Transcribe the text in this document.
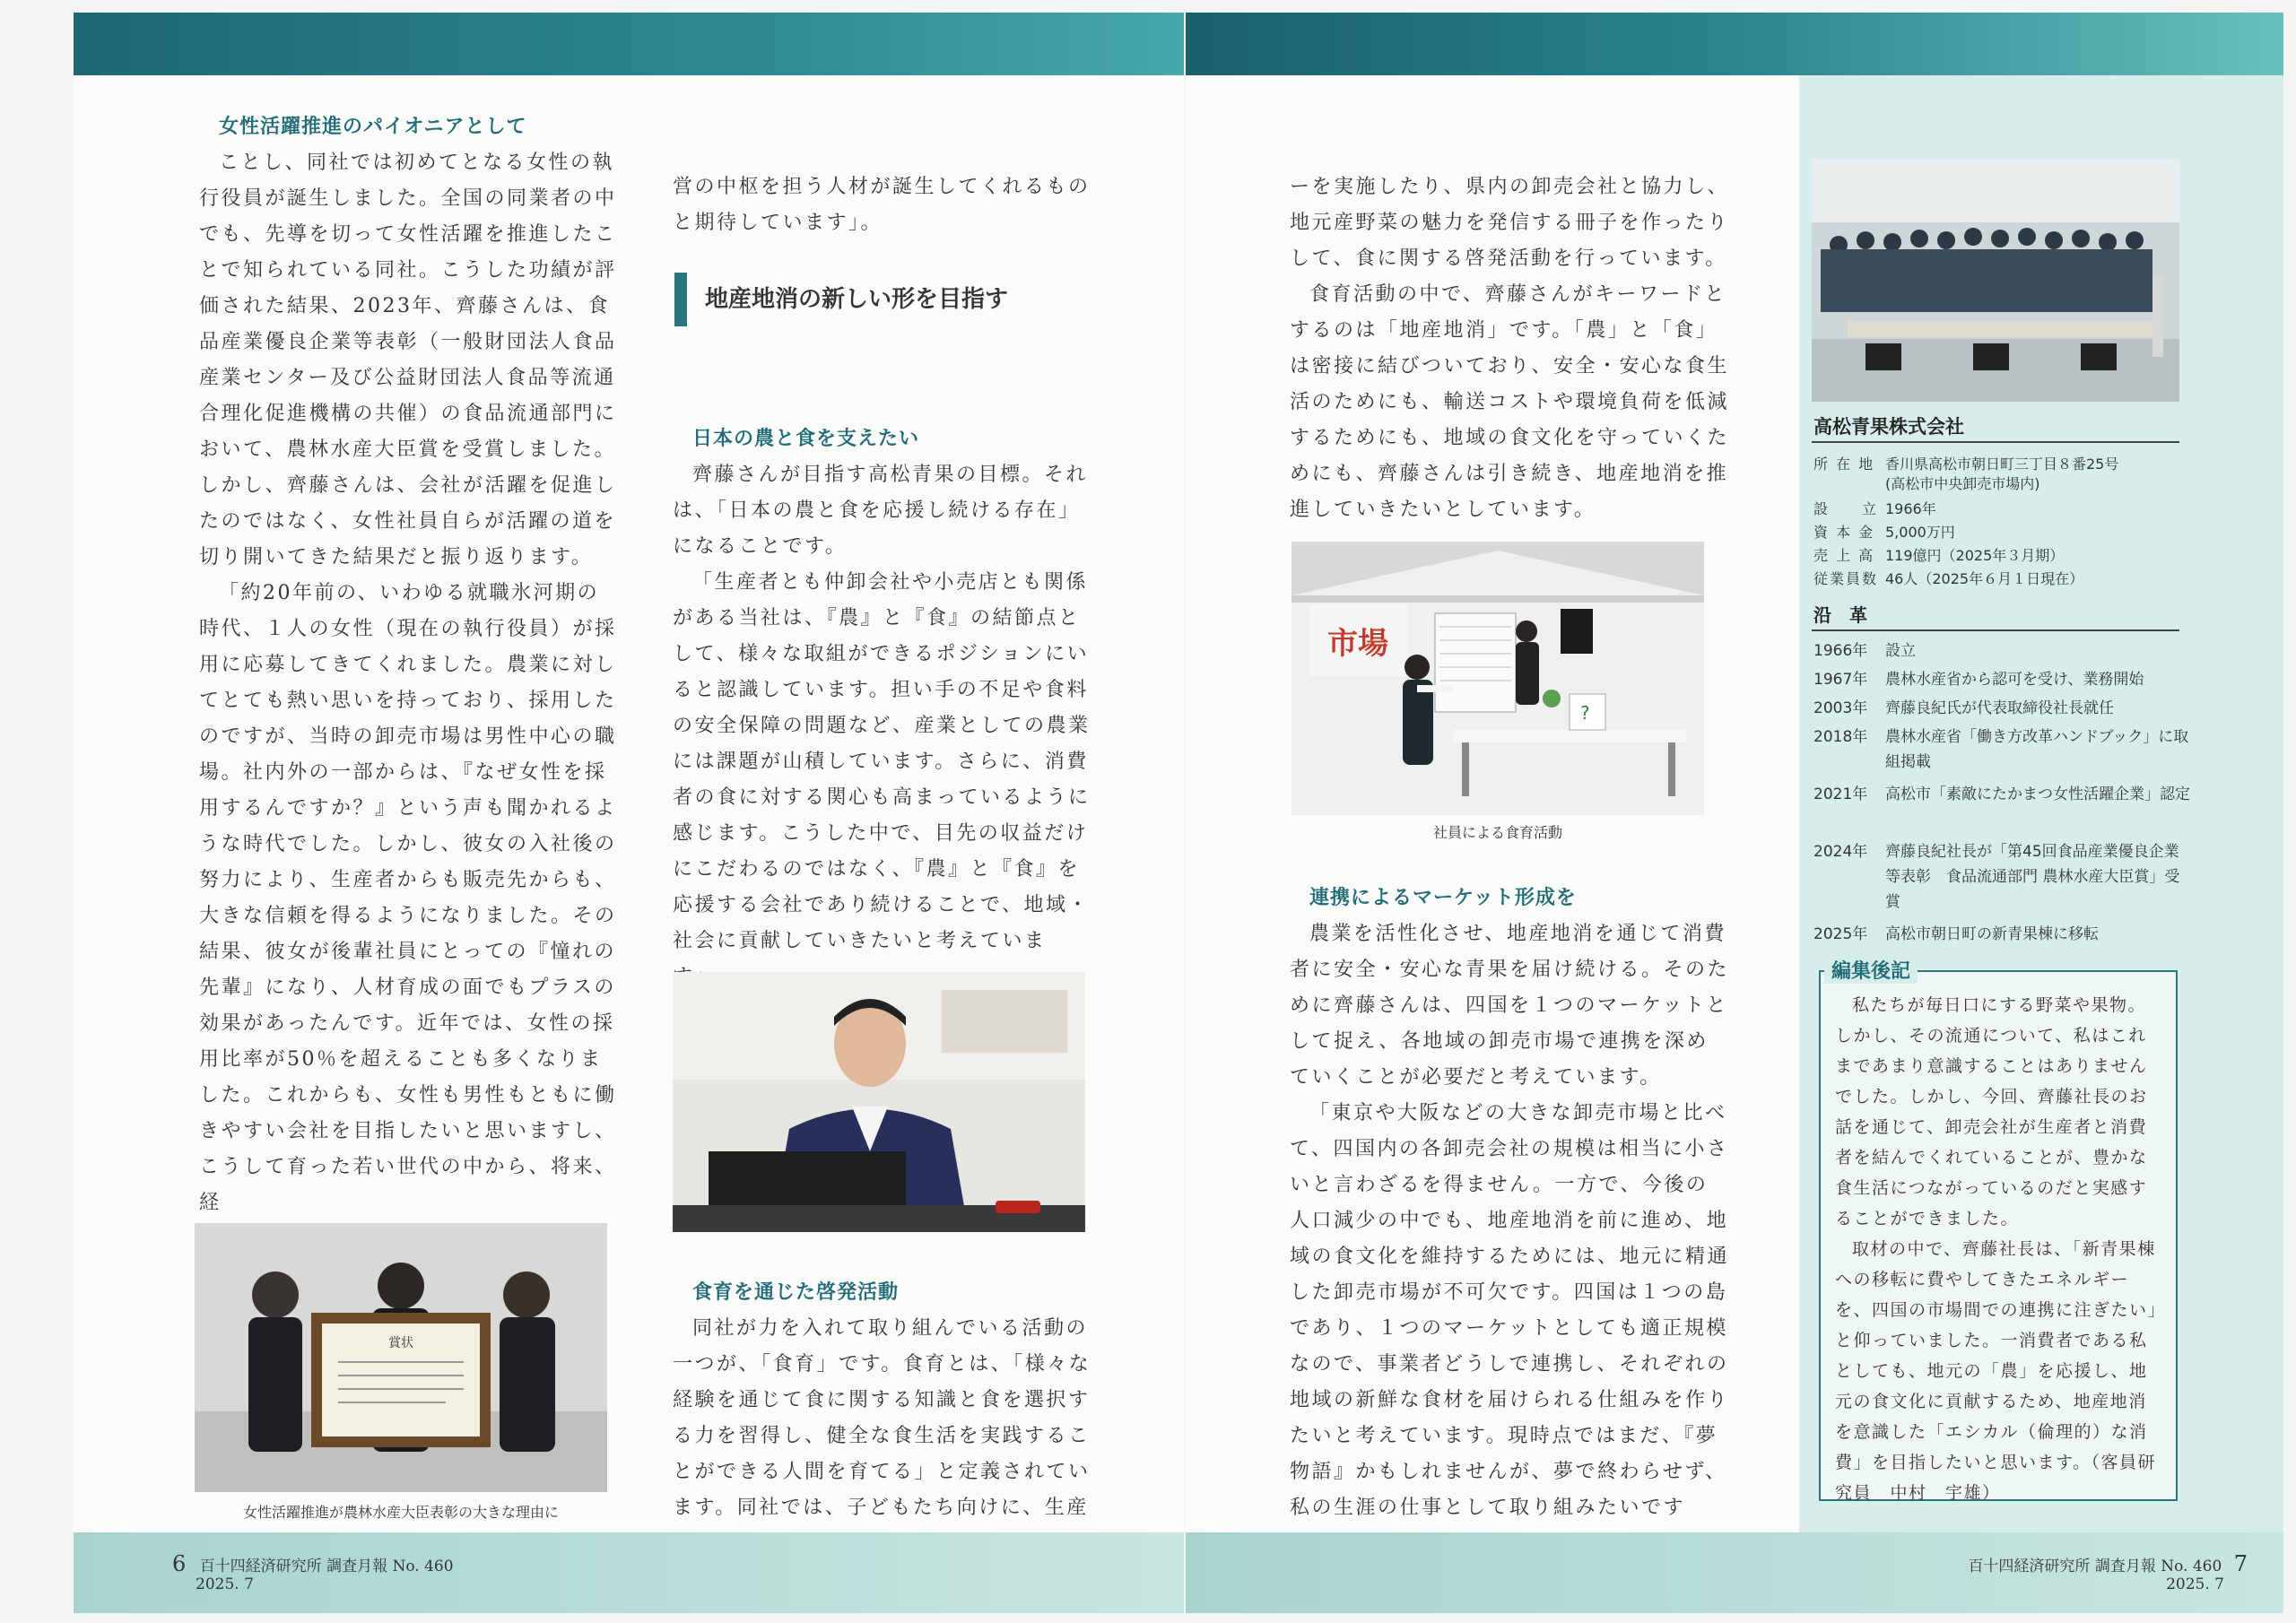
女性活躍推進のパイオニアとして

ことし、同社では初めてとなる女性の執行役員が誕生しました。全国の同業者の中でも、先導を切って女性活躍を推進したことで知られている同社。こうした功績が評価された結果、2023年、齊藤さんは、食品産業優良企業等表彰（一般財団法人食品産業センター及び公益財団法人食品等流通合理化促進機構の共催）の食品流通部門において、農林水産大臣賞を受賞しました。しかし、齊藤さんは、会社が活躍を促進したのではなく、女性社員自らが活躍の道を切り開いてきた結果だと振り返ります。

「約20年前の、いわゆる就職氷河期の時代、１人の女性（現在の執行役員）が採用に応募してきてくれました。農業に対してとても熱い思いを持っており、採用したのですが、当時の卸売市場は男性中心の職場。社内外の一部からは、『なぜ女性を採用するんですか？』という声も聞かれるような時代でした。しかし、彼女の入社後の努力により、生産者からも販売先からも、大きな信頼を得るようになりました。その結果、彼女が後輩社員にとっての『憧れの先輩』になり、人材育成の面でもプラスの効果があったんです。近年では、女性の採用比率が50％を超えることも多くなりました。これからも、女性も男性もともに働きやすい会社を目指したいと思いますし、こうして育った若い世代の中から、将来、経

賞状
女性活躍推進が農林水産大臣表彰の大きな理由に

営の中枢を担う人材が誕生してくれるものと期待しています」。

地産地消の新しい形を目指す

日本の農と食を支えたい

齊藤さんが目指す高松青果の目標。それは、「日本の農と食を応援し続ける存在」になることです。

「生産者とも仲卸会社や小売店とも関係がある当社は、『農』と『食』の結節点として、様々な取組ができるポジションにいると認識しています。担い手の不足や食料の安全保障の問題など、産業としての農業には課題が山積しています。さらに、消費者の食に対する関心も高まっているように感じます。こうした中で、目先の収益だけにこだわるのではなく、『農』と『食』を応援する会社であり続けることで、地域・社会に貢献していきたいと考えていま

食育を通じた啓発活動

同社が力を入れて取り組んでいる活動の一つが、「食育」です。食育とは、「様々な経験を通じて食に関する知識と食を選択する力を習得し、健全な食生活を実践することができる人間を育てる」と定義されています。同社では、子どもたち向けに、生産

6 百十四経済研究所 調査月報 No. 460
2025. 7

ーを実施したり、県内の卸売会社と協力し、地元産野菜の魅力を発信する冊子を作ったりして、食に関する啓発活動を行っています。

食育活動の中で、齊藤さんがキーワードとするのは「地産地消」です。「農」と「食」は密接に結びついており、安全・安心な食生活のためにも、輸送コストや環境負荷を低減するためにも、地域の食文化を守っていくためにも、齊藤さんは引き続き、地産地消を推進していきたいとしています。

市場
?
社員による食育活動

連携によるマーケット形成を

農業を活性化させ、地産地消を通じて消費者に安全・安心な青果を届け続ける。そのために齊藤さんは、四国を１つのマーケットとして捉え、各地域の卸売市場で連携を深めていくことが必要だと考えています。

「東京や大阪などの大きな卸売市場と比べて、四国内の各卸売会社の規模は相当に小さいと言わざるを得ません。一方で、今後の人口減少の中でも、地産地消を前に進め、地域の食文化を維持するためには、地元に精通した卸売市場が不可欠です。四国は１つの島であり、１つのマーケットとしても適正規模なので、事業者どうしで連携し、それぞれの地域の新鮮な食材を届けられる仕組みを作りたいと考えています。現時点ではまだ、『夢物語』かもしれませんが、夢で終わらせず、私の生涯の仕事として取り組みたいです

高松青果株式会社
所 在 地 香川県高松市朝日町三丁目８番25号
(高松市中央卸売市場内)
設　　立 1966年
資 本 金 5,000万円
売 上 高 119億円（2025年３月期）
従業員数 46人（2025年６月１日現在）
沿　革
1966年	設立
1967年	農林水産省から認可を受け、業務開始
2003年	齊藤良紀氏が代表取締役社長就任
2018年	農林水産省「働き方改革ハンドブック」に取組掲載
2021年	高松市「素敵にたかまつ女性活躍企業」認定
2024年	齊藤良紀社長が「第45回食品産業優良企業等表彰　食品流通部門 農林水産大臣賞」受賞
2025年	高松市朝日町の新青果棟に移転
編集後記

私たちが毎日口にする野菜や果物。しかし、その流通について、私はこれまであまり意識することはありませんでした。しかし、今回、齊藤社長のお話を通じて、卸売会社が生産者と消費者を結んでくれていることが、豊かな食生活につながっているのだと実感することができました。

取材の中で、齊藤社長は、「新青果棟への移転に費やしてきたエネルギーを、四国の市場間での連携に注ぎたい」と仰っていました。一消費者である私としても、地元の「農」を応援し、地元の食文化に貢献するため、地産地消を意識した「エシカル（倫理的）な消費」を目指したいと思います。（客員研究員　中村　宇雄）

百十四経済研究所 調査月報 No. 460 7
2025. 7
